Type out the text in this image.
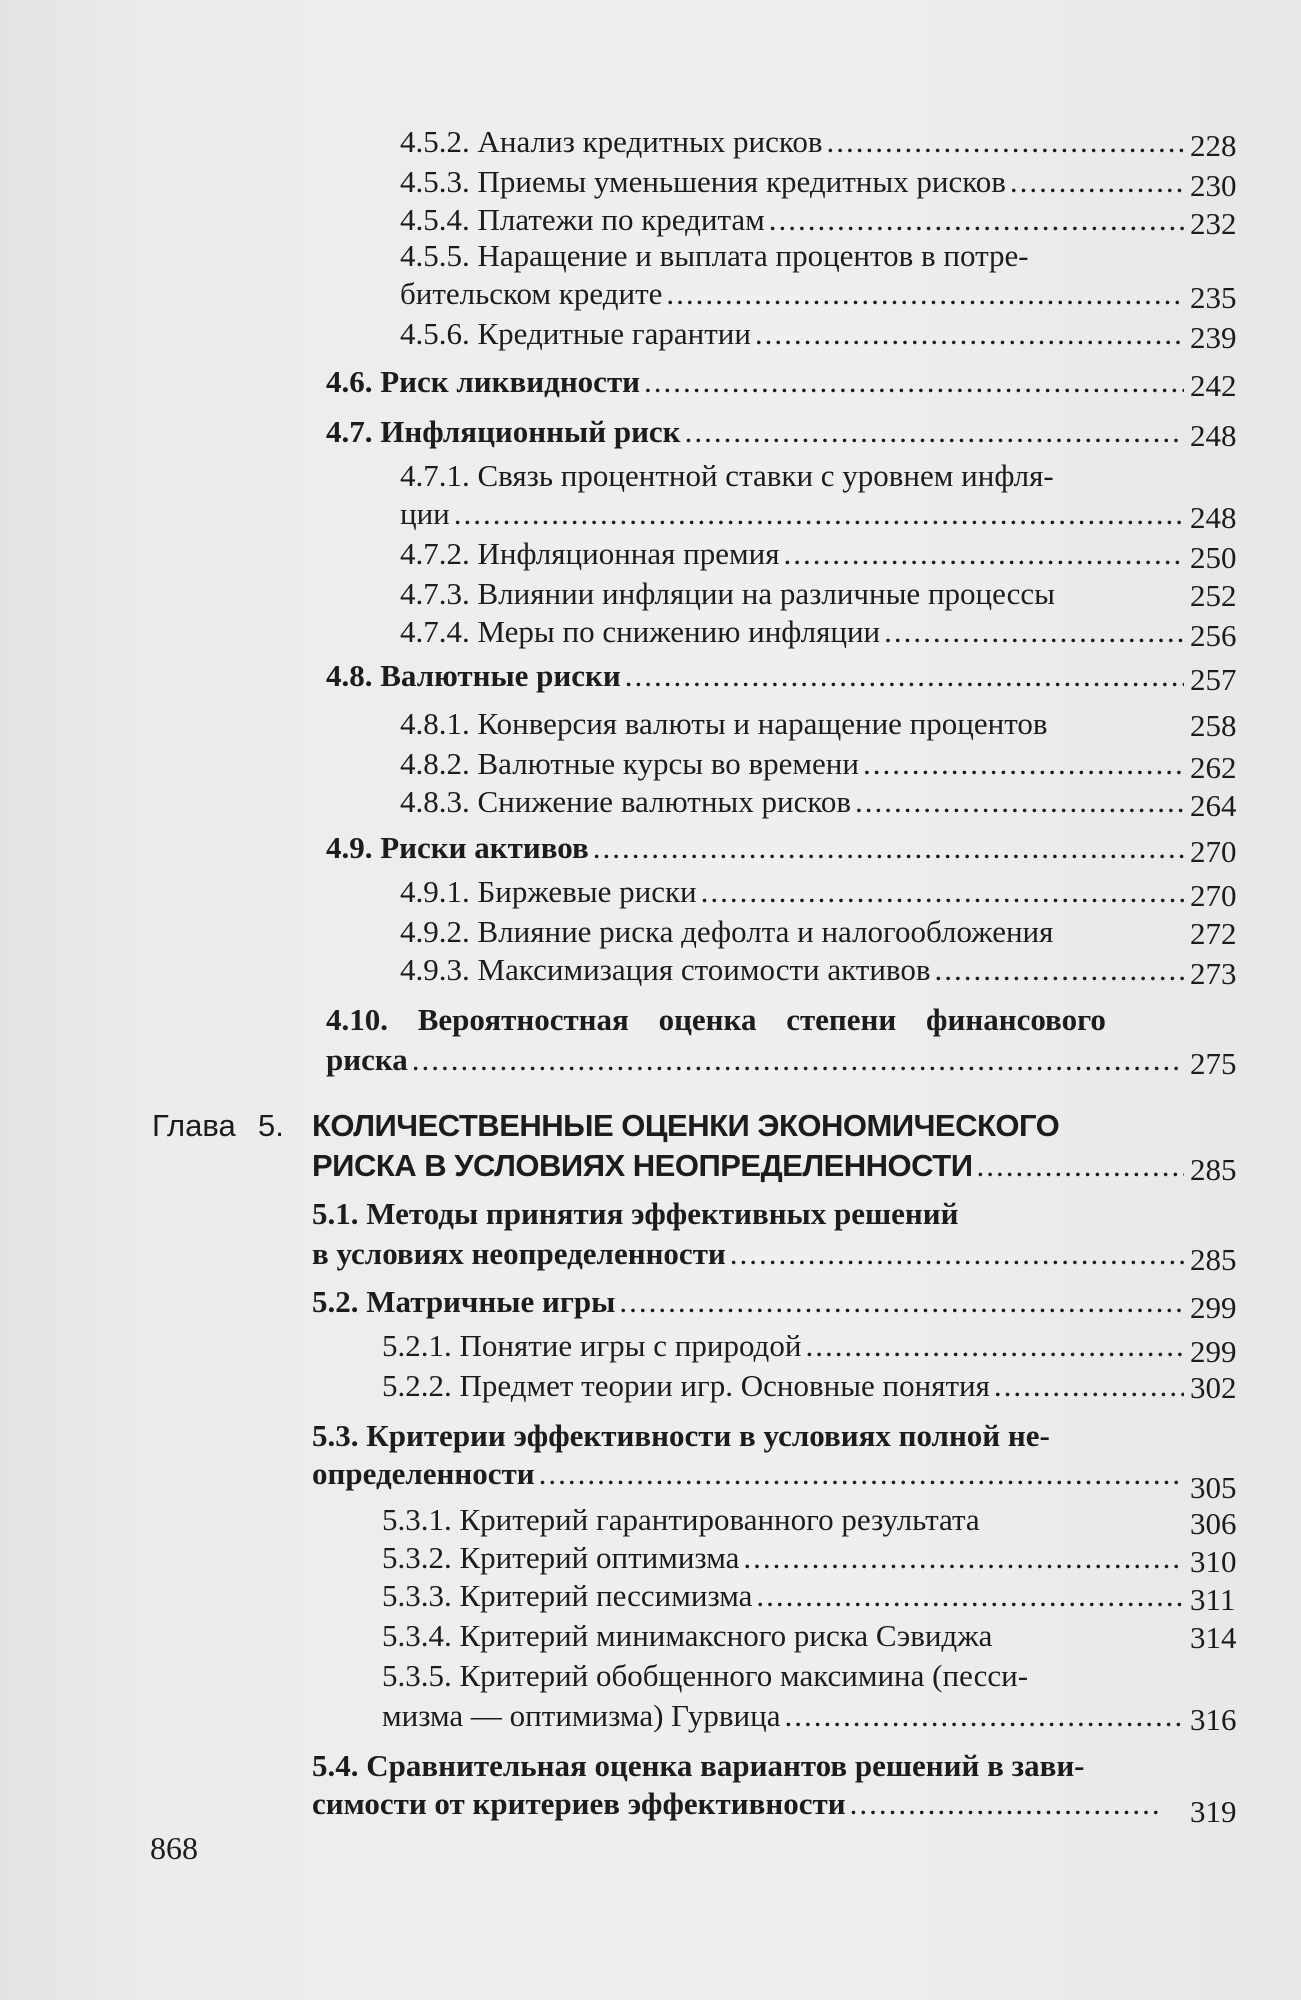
4.5.2. Анализ кредитных рисков .....	228
4.5.3. Приемы уменьшения кредитных рисков .....	230
4.5.4. Платежи по кредитам .....	232
4.5.5. Наращение и выплата процентов в потре-
бительском кредите .....	235
4.5.6. Кредитные гарантии .....	239
4.6. Риск ликвидности .....	242
4.7. Инфляционный риск .....	248
4.7.1. Связь процентной ставки с уровнем инфля-
ции .....	248
4.7.2. Инфляционная премия .....	250
4.7.3. Влиянии инфляции на различные процессы	252
4.7.4. Меры по снижению инфляции .....	256
4.8. Валютные риски .....	257
4.8.1. Конверсия валюты и наращение процентов	258
4.8.2. Валютные курсы во времени .....	262
4.8.3. Снижение валютных рисков .....	264
4.9. Риски активов .....	270
4.9.1. Биржевые риски .....	270
4.9.2. Влияние риска дефолта и налогообложения	272
4.9.3. Максимизация стоимости активов .....	273
4.10. Вероятностная оценка степени финансового
риска .....	275
Глава 5. КОЛИЧЕСТВЕННЫЕ ОЦЕНКИ ЭКОНОМИЧЕСКОГО
РИСКА В УСЛОВИЯХ НЕОПРЕДЕЛЕННОСТИ .....	285
5.1. Методы принятия эффективных решений
в условиях неопределенности .....	285
5.2. Матричные игры .....	299
5.2.1. Понятие игры с природой .....	299
5.2.2. Предмет теории игр. Основные понятия .....	302
5.3. Критерии эффективности в условиях полной не-
определенности .....	305
5.3.1. Критерий гарантированного результата	306
5.3.2. Критерий оптимизма .....	310
5.3.3. Критерий пессимизма .....	311
5.3.4. Критерий минимаксного риска Сэвиджа	314
5.3.5. Критерий обобщенного максимина (песси-
мизма — оптимизма) Гурвица .....	316
5.4. Сравнительная оценка вариантов решений в зави-
симости от критериев эффективности .....	319
868
